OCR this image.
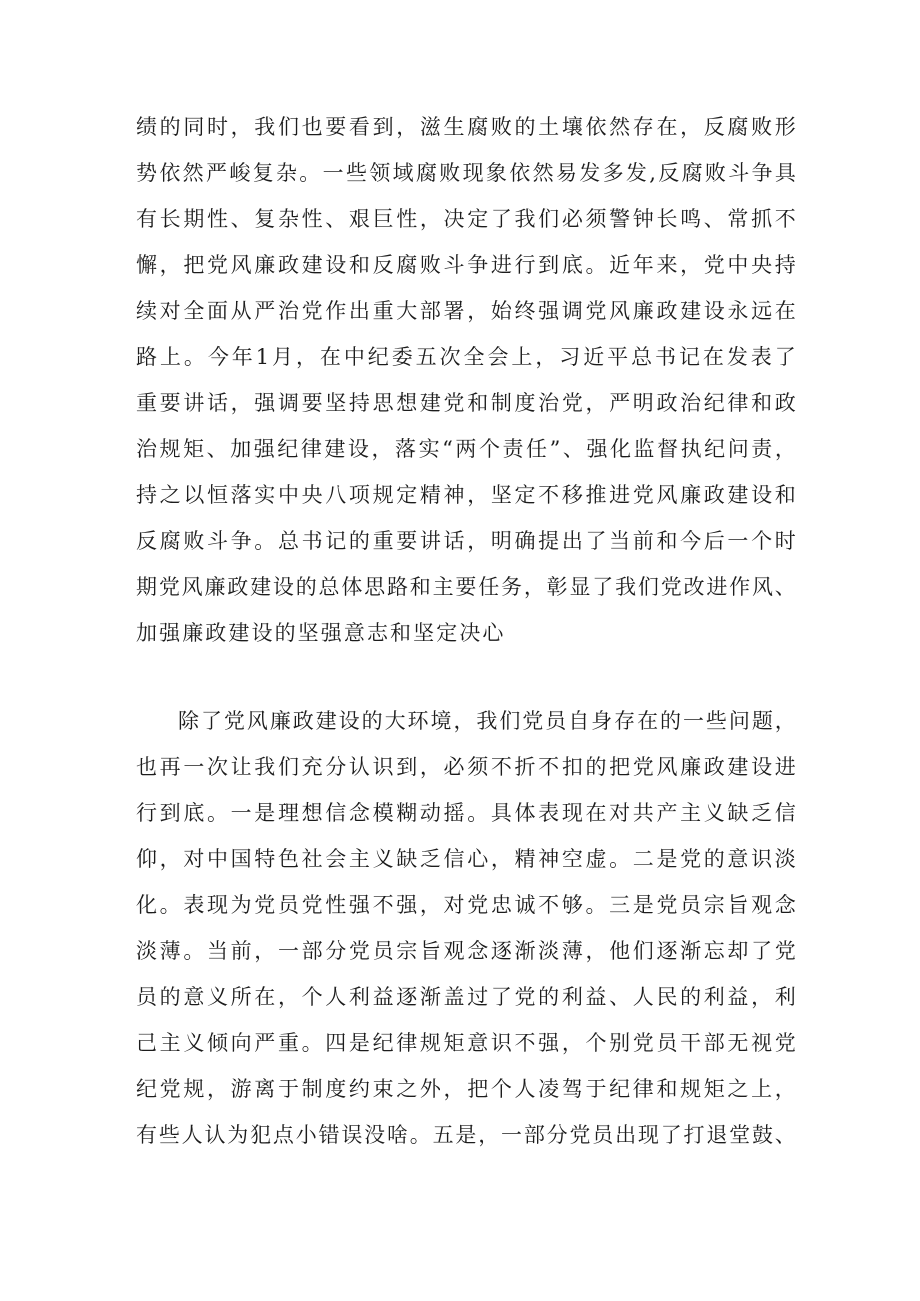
绩 的 同 时 ， 我 们 也 要 看 到 ， 滋 生 腐 败 的 土 壤 依 然 存 在 ， 反 腐 败 形

势 依 然 严 峻 复 杂 。 一 些 领 域 腐 败 现 象 依 然 易 发 多 发 , 反 腐 败 斗 争 具

有 长 期 性 、 复 杂 性 、 艰 巨 性 ， 决 定 了 我 们 必 须 警 钟 长 鸣 、 常 抓 不

懈 ， 把 党 风 廉 政 建 设 和 反 腐 败 斗 争 进 行 到 底 。 近 年 来 ， 党 中 央 持

续 对 全 面 从 严 治 党 作 出 重 大 部 署 ， 始 终 强 调 党 风 廉 政 建 设 永 远 在

路 上 。 今 年 1 月 ， 在 中 纪 委 五 次 全 会 上 ， 习 近 平 总 书 记 在 发 表 了

重 要 讲 话 ， 强 调 要 坚 持 思 想 建 党 和 制 度 治 党 ， 严 明 政 治 纪 律 和 政

治 规 矩 、 加 强 纪 律 建 设 ， 落 实 “ 两 个 责 任 ” 、 强 化 监 督 执 纪 问 责 ，

持 之 以 恒 落 实 中 央 八 项 规 定 精 神 ， 坚 定 不 移 推 进 党 风 廉 政 建 设 和

反 腐 败 斗 争 。 总 书 记 的 重 要 讲 话 ， 明 确 提 出 了 当 前 和 今 后 一 个 时

期党风廉政建设的总体思路和主要任务，彰显了我们党改进作风、

加强廉政建设的坚强意志和坚定决心

除了党风廉政建设的大环境，我们党员自身存在的一些问题，

也 再 一 次 让 我 们 充 分 认 识 到 ， 必 须 不 折 不 扣 的 把 党 风 廉 政 建 设 进

行 到 底 。 一 是 理 想 信 念 模 糊 动 摇 。 具 体 表 现 在 对 共 产 主 义 缺 乏 信

仰 ， 对 中 国 特 色 社 会 主 义 缺 乏 信 心 ， 精 神 空 虚 。 二 是 党 的 意 识 淡

化 。 表 现 为 党 员 党 性 强 不 强 ， 对 党 忠 诚 不 够 。 三 是 党 员 宗 旨 观 念

淡 薄 。 当 前 ， 一 部 分 党 员 宗 旨 观 念 逐 渐 淡 薄 ， 他 们 逐 渐 忘 却 了 党

员 的 意 义 所 在 ， 个 人 利 益 逐 渐 盖 过 了 党 的 利 益 、 人 民 的 利 益 ， 利

己 主 义 倾 向 严 重 。 四 是 纪 律 规 矩 意 识 不 强 ， 个 别 党 员 干 部 无 视 党

纪 党 规 ， 游 离 于 制 度 约 束 之 外 ， 把 个 人 凌 驾 于 纪 律 和 规 矩 之 上 ，

有些人认为犯点小错误没啥。五是，一部分党员出现了打退堂鼓、
